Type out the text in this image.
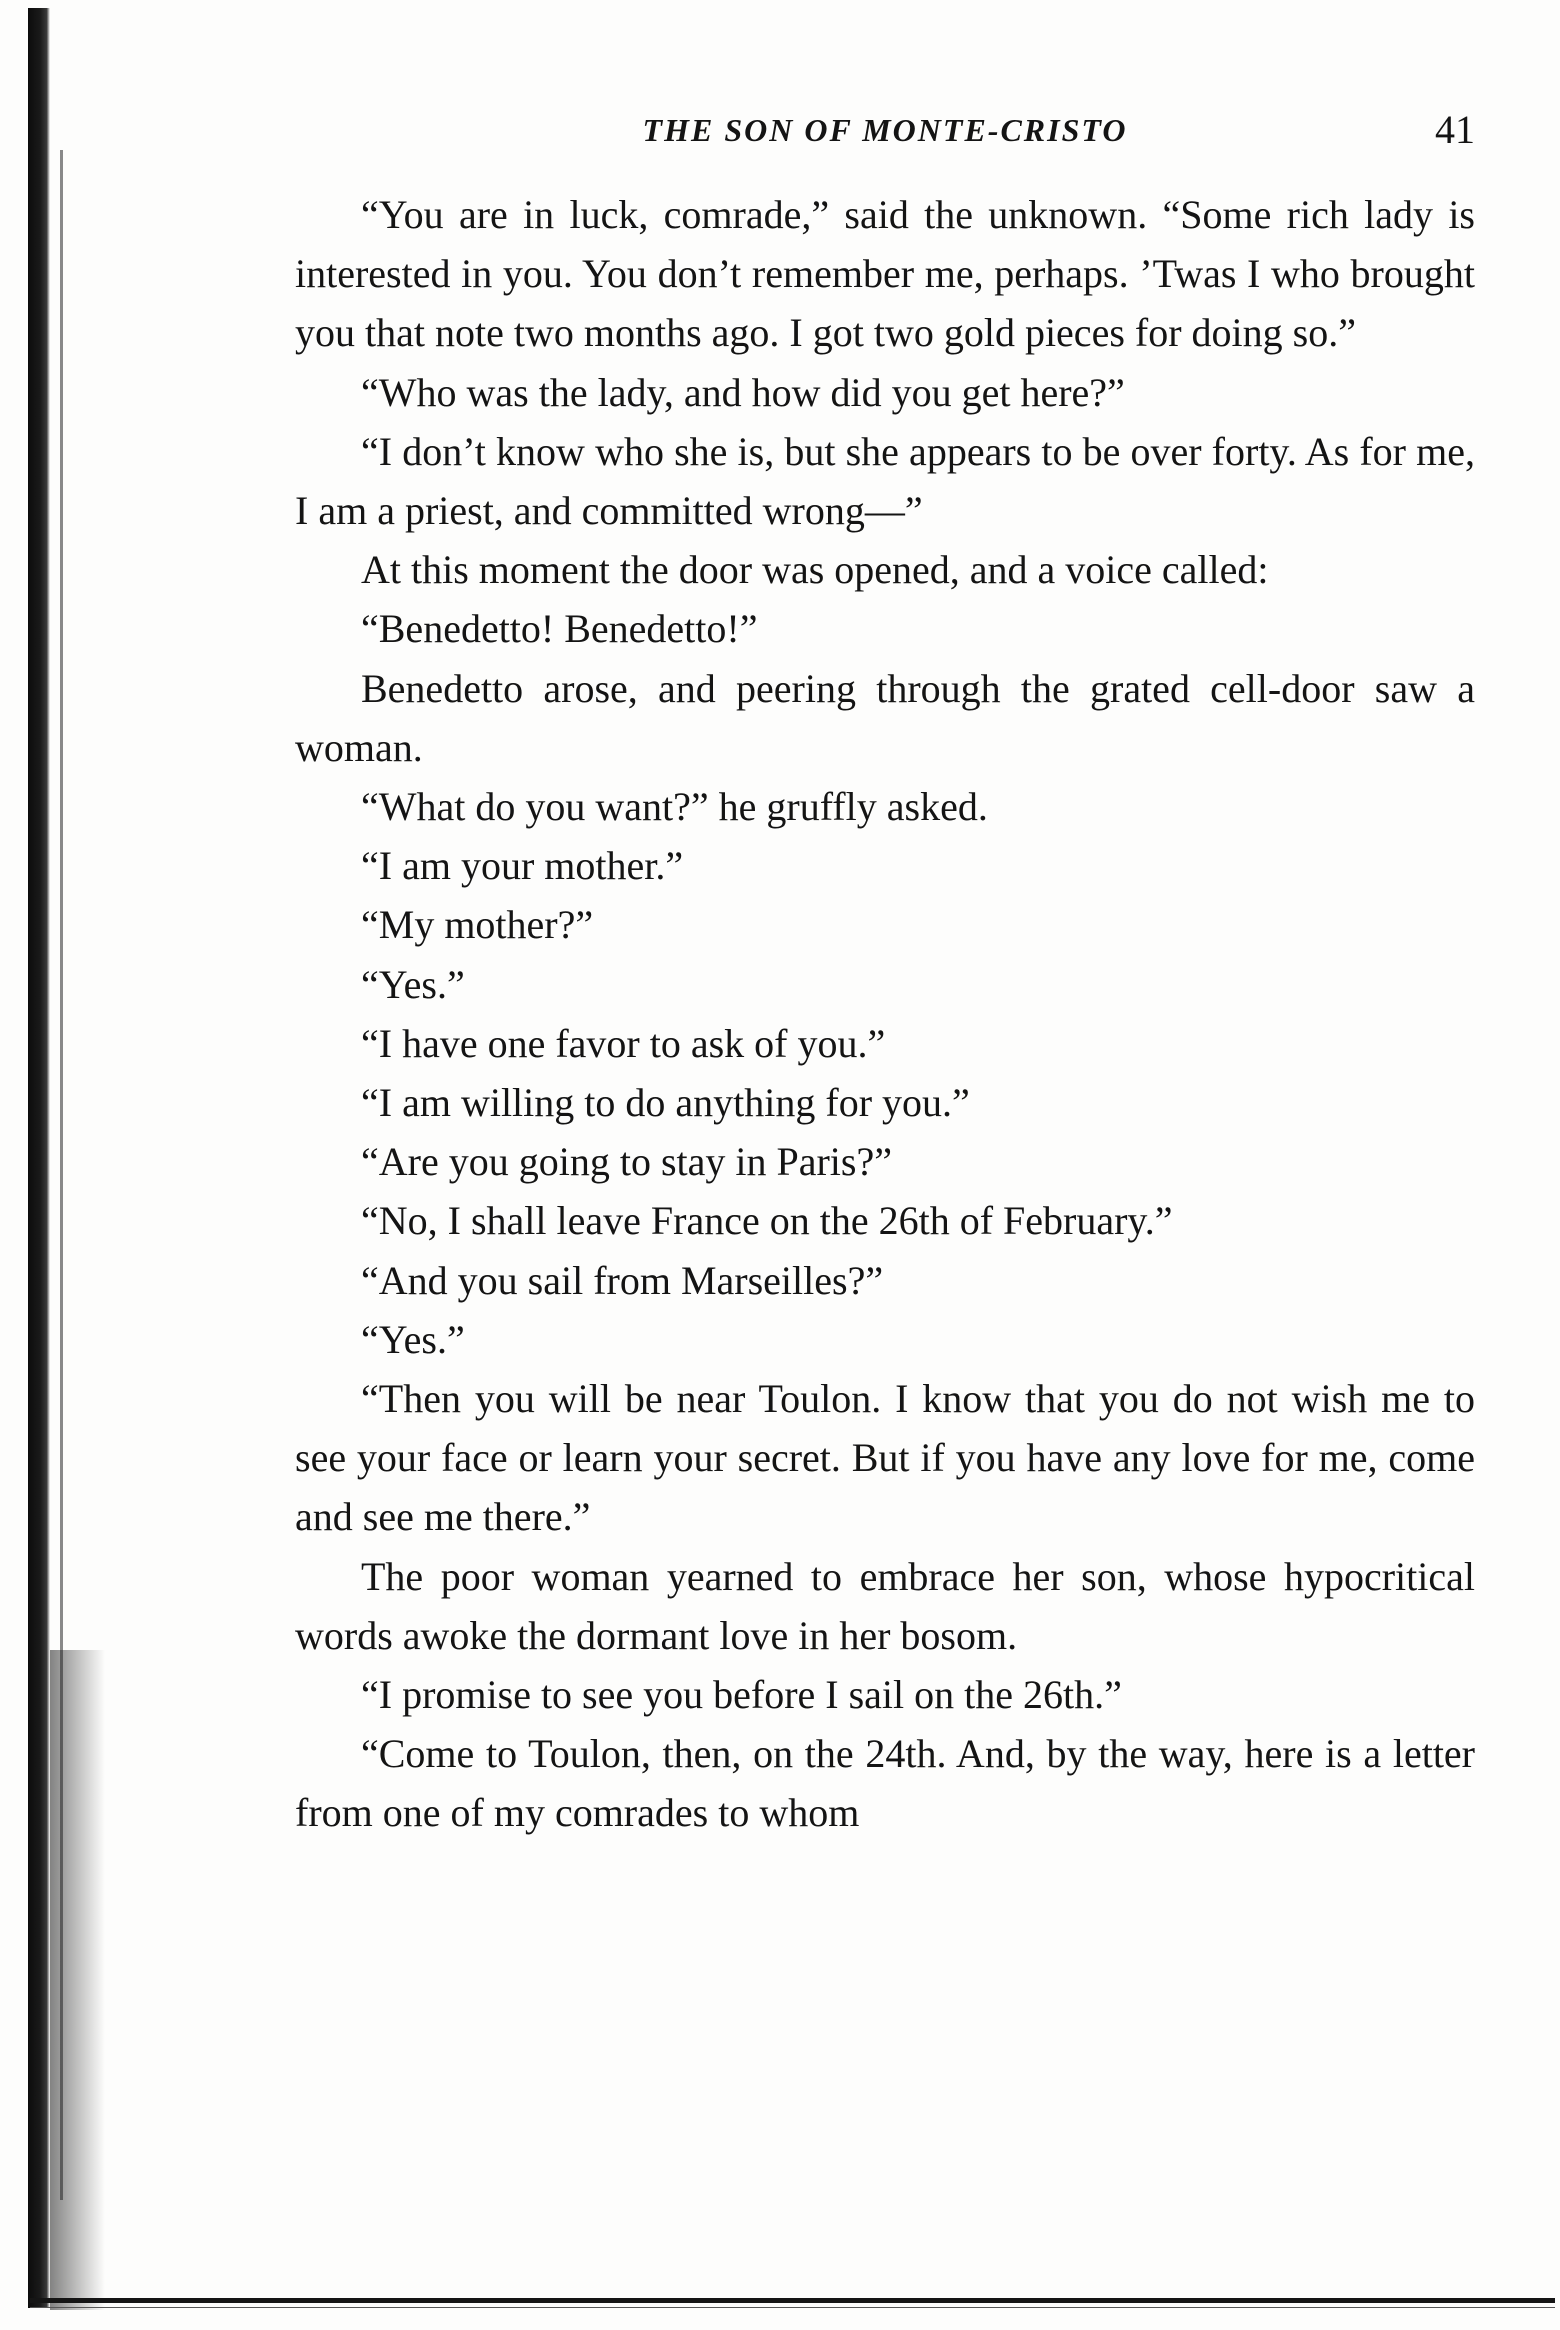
THE SON OF MONTE-CRISTO	41

“You are in luck, comrade,” said the unknown. “Some rich lady is interested in you. You don’t remember me, perhaps. ’Twas I who brought you that note two months ago. I got two gold pieces for doing so.”

“Who was the lady, and how did you get here?”

“I don’t know who she is, but she appears to be over forty. As for me, I am a priest, and committed wrong—”

At this moment the door was opened, and a voice called:

“Benedetto! Benedetto!”

Benedetto arose, and peering through the grated cell-door saw a woman.

“What do you want?” he gruffly asked.

“I am your mother.”

“My mother?”

“Yes.”

“I have one favor to ask of you.”

“I am willing to do anything for you.”

“Are you going to stay in Paris?”

“No, I shall leave France on the 26th of February.”

“And you sail from Marseilles?”

“Yes.”

“Then you will be near Toulon. I know that you do not wish me to see your face or learn your secret. But if you have any love for me, come and see me there.”

The poor woman yearned to embrace her son, whose hypocritical words awoke the dormant love in her bosom.

“I promise to see you before I sail on the 26th.”

“Come to Toulon, then, on the 24th. And, by the way, here is a letter from one of my comrades to whom
